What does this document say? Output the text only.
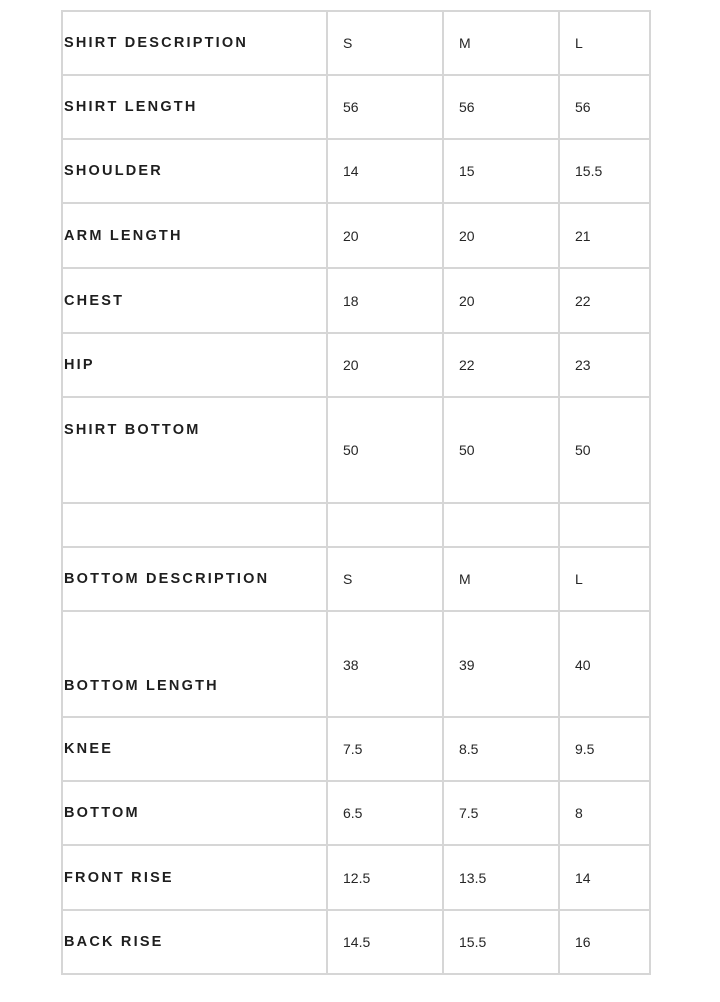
SHIRT DESCRIPTION	S	M	L
SHIRT LENGTH	56	56	56
SHOULDER	14	15	15.5
ARM LENGTH	20	20	21
CHEST	18	20	22
HIP	20	22	23
SHIRT BOTTOM	50	50	50

BOTTOM DESCRIPTION	S	M	L
BOTTOM LENGTH	38	39	40
KNEE	7.5	8.5	9.5
BOTTOM	6.5	7.5	8
FRONT RISE	12.5	13.5	14
BACK RISE	14.5	15.5	16
